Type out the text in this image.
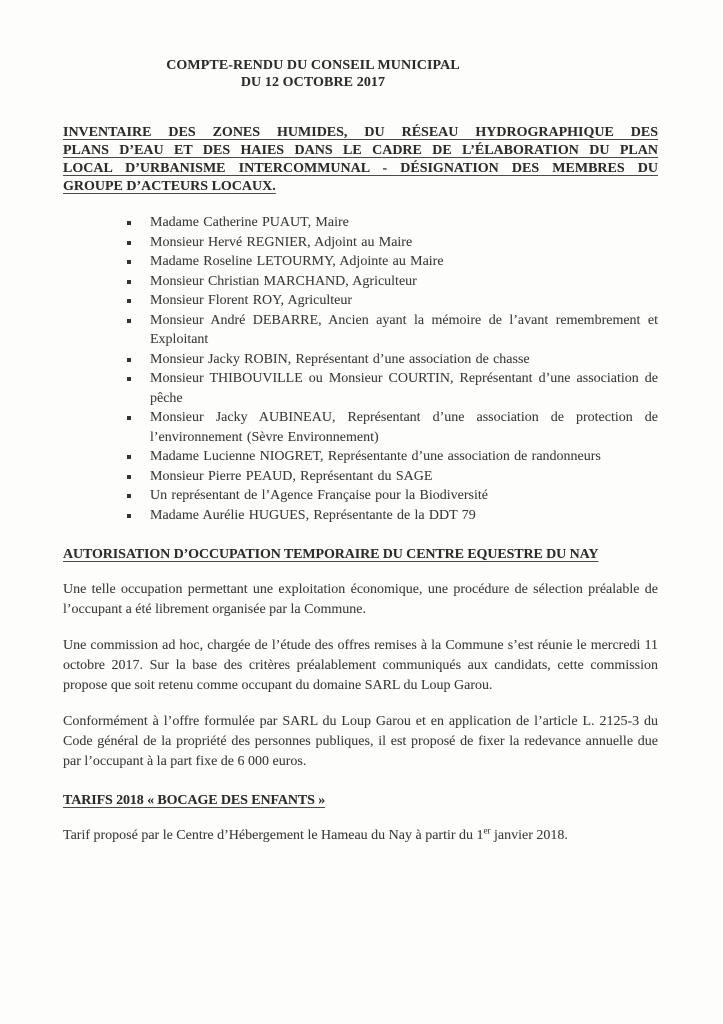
COMPTE-RENDU DU CONSEIL MUNICIPAL
DU 12 OCTOBRE 2017
INVENTAIRE DES ZONES HUMIDES, DU RÉSEAU HYDROGRAPHIQUE DES
PLANS D’EAU ET DES HAIES DANS LE CADRE DE L’ÉLABORATION DU PLAN
LOCAL D’URBANISME INTERCOMMUNAL - DÉSIGNATION DES MEMBRES DU
GROUPE D’ACTEURS LOCAUX.
Madame Catherine PUAUT, Maire
Monsieur Hervé REGNIER, Adjoint au Maire
Madame Roseline LETOURMY, Adjointe au Maire
Monsieur Christian MARCHAND, Agriculteur
Monsieur Florent ROY, Agriculteur
Monsieur André DEBARRE, Ancien ayant la mémoire de l’avant remembrement et Exploitant
Monsieur Jacky ROBIN, Représentant d’une association de chasse
Monsieur THIBOUVILLE ou Monsieur COURTIN, Représentant d’une association de pêche
Monsieur Jacky AUBINEAU, Représentant d’une association de protection de l’environnement (Sèvre Environnement)
Madame Lucienne NIOGRET, Représentante d’une association de randonneurs
Monsieur Pierre PEAUD, Représentant du SAGE
Un représentant de l’Agence Française pour la Biodiversité
Madame Aurélie HUGUES, Représentante de la DDT 79
AUTORISATION D’OCCUPATION TEMPORAIRE DU CENTRE EQUESTRE DU NAY

Une telle occupation permettant une exploitation économique, une procédure de sélection préalable de l’occupant a été librement organisée par la Commune.

Une commission ad hoc, chargée de l’étude des offres remises à la Commune s’est réunie le mercredi 11 octobre 2017. Sur la base des critères préalablement communiqués aux candidats, cette commission propose que soit retenu comme occupant du domaine SARL du Loup Garou.

Conformément à l’offre formulée par SARL du Loup Garou et en application de l’article L. 2125-3 du Code général de la propriété des personnes publiques, il est proposé de fixer la redevance annuelle due par l’occupant à la part fixe de 6 000 euros.

TARIFS 2018 « BOCAGE DES ENFANTS »

Tarif proposé par le Centre d’Hébergement le Hameau du Nay à partir du 1er janvier 2018.
